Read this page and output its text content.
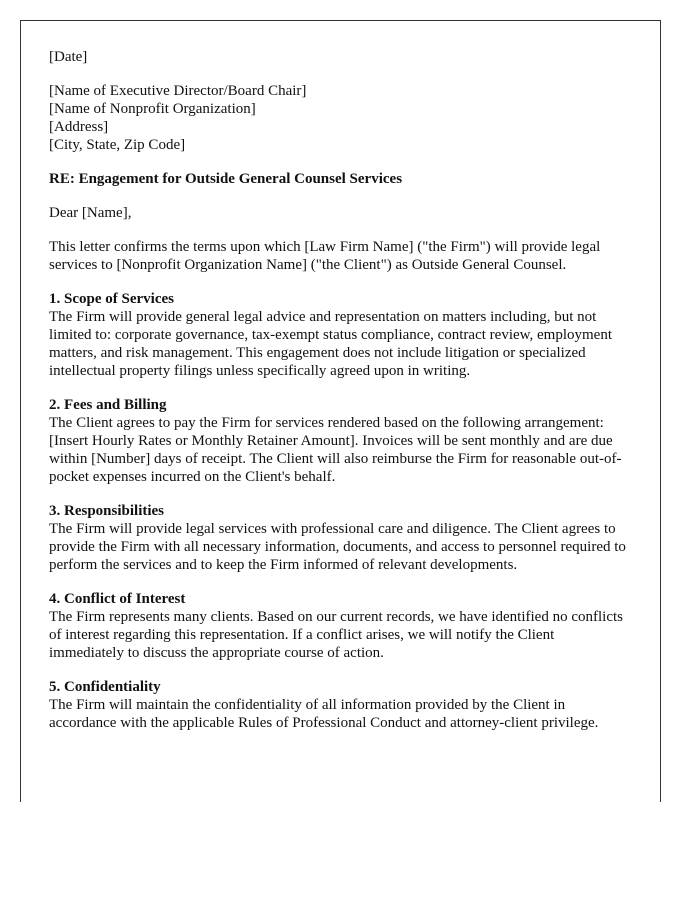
[Date]

[Name of Executive Director/Board Chair]
[Name of Nonprofit Organization]
[Address]
[City, State, Zip Code]

RE: Engagement for Outside General Counsel Services

Dear [Name],

This letter confirms the terms upon which [Law Firm Name] ("the Firm") will provide legal services to [Nonprofit Organization Name] ("the Client") as Outside General Counsel.

1. Scope of Services
The Firm will provide general legal advice and representation on matters including, but not limited to: corporate governance, tax-exempt status compliance, contract review, employment matters, and risk management. This engagement does not include litigation or specialized intellectual property filings unless specifically agreed upon in writing.

2. Fees and Billing
The Client agrees to pay the Firm for services rendered based on the following arrangement: [Insert Hourly Rates or Monthly Retainer Amount]. Invoices will be sent monthly and are due within [Number] days of receipt. The Client will also reimburse the Firm for reasonable out-of-pocket expenses incurred on the Client's behalf.

3. Responsibilities
The Firm will provide legal services with professional care and diligence. The Client agrees to provide the Firm with all necessary information, documents, and access to personnel required to perform the services and to keep the Firm informed of relevant developments.

4. Conflict of Interest
The Firm represents many clients. Based on our current records, we have identified no conflicts of interest regarding this representation. If a conflict arises, we will notify the Client immediately to discuss the appropriate course of action.

5. Confidentiality
The Firm will maintain the confidentiality of all information provided by the Client in accordance with the applicable Rules of Professional Conduct and attorney-client privilege.
